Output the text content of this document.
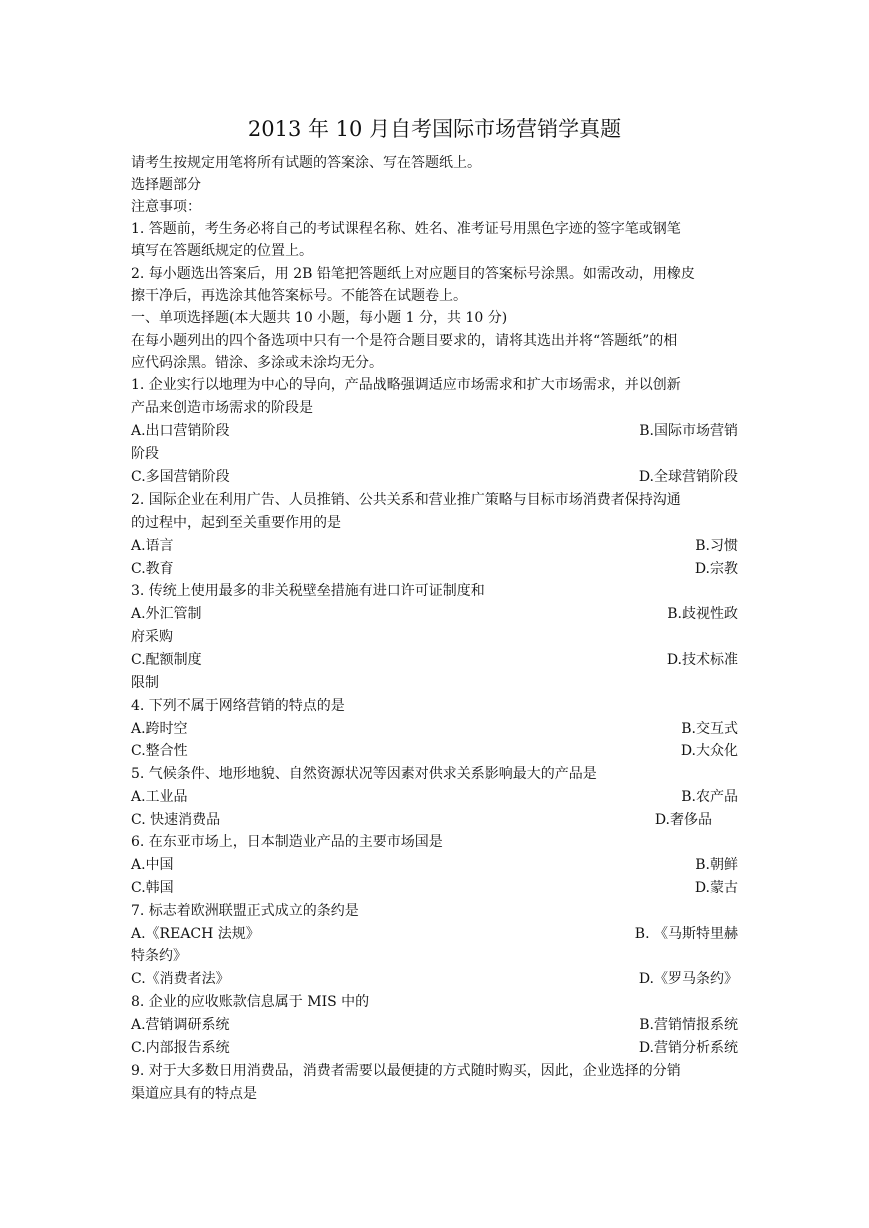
2013 年 10 月自考国际市场营销学真题
请考生按规定用笔将所有试题的答案涂、写在答题纸上。
选择题部分
注意事项：
1. 答题前，考生务必将自己的考试课程名称、姓名、准考证号用黑色字迹的签字笔或钢笔
填写在答题纸规定的位置上。
2. 每小题选出答案后，用 2B 铅笔把答题纸上对应题目的答案标号涂黑。如需改动，用橡皮
擦干净后，再选涂其他答案标号。不能答在试题卷上。
一、单项选择题(本大题共 10 小题，每小题 1 分，共 10 分)
在每小题列出的四个备选项中只有一个是符合题目要求的，请将其选出并将“答题纸”的相
应代码涂黑。错涂、多涂或未涂均无分。
1. 企业实行以地理为中心的导向，产品战略强调适应市场需求和扩大市场需求，并以创新
产品来创造市场需求的阶段是
A.出口营销阶段	B.国际市场营销
阶段
C.多国营销阶段	D.全球营销阶段
2. 国际企业在利用广告、人员推销、公共关系和营业推广策略与目标市场消费者保持沟通
的过程中，起到至关重要作用的是
A.语言	B.习惯
C.教育	D.宗教
3. 传统上使用最多的非关税壁垒措施有进口许可证制度和
A.外汇管制	B.歧视性政
府采购
C.配额制度	D.技术标准
限制
4. 下列不属于网络营销的特点的是
A.跨时空	B.交互式
C.整合性	D.大众化
5. 气候条件、地形地貌、自然资源状况等因素对供求关系影响最大的产品是
A.工业品	B.农产品
C. 快速消费品	D.奢侈品
6. 在东亚市场上，日本制造业产品的主要市场国是
A.中国	B.朝鲜
C.韩国	D.蒙古
7. 标志着欧洲联盟正式成立的条约是
A.《REACH 法规》	B. 《马斯特里赫
特条约》
C.《消费者法》	D.《罗马条约》
8. 企业的应收账款信息属于 MIS 中的
A.营销调研系统	B.营销情报系统
C.内部报告系统	D.营销分析系统
9. 对于大多数日用消费品，消费者需要以最便捷的方式随时购买，因此，企业选择的分销
渠道应具有的特点是
